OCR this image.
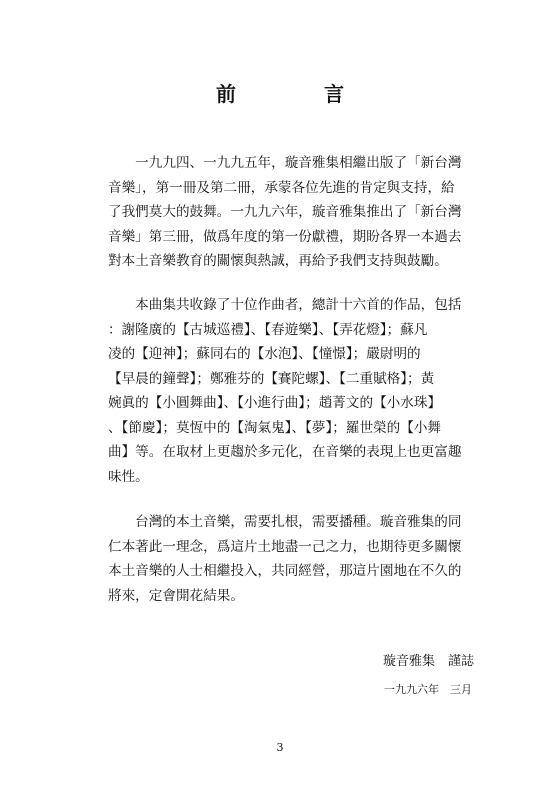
前　言

　　一九九四、一九九五年，璇音雅集相繼出版了「新台灣
音樂」，第一冊及第二冊，承蒙各位先進的肯定與支持，給
了我們莫大的鼓舞。一九九六年，璇音雅集推出了「新台灣
音樂」第三冊，做爲年度的第一份獻禮，期盼各界一本過去
對本土音樂教育的關懷與熱誠，再給予我們支持與鼓勵。

　　本曲集共收錄了十位作曲者，總計十六首的作品，包括
：謝隆廣的【古城巡禮】、【春遊樂】、【弄花燈】；蘇凡
凌的【迎神】；蘇同右的【水泡】、【憧憬】；嚴尉明的
【早晨的鐘聲】；鄭雅芬的【賽陀螺】、【二重賦格】；黃
婉眞的【小圓舞曲】、【小進行曲】；趙菁文的【小水珠】
、【節慶】；莫恆中的【淘氣鬼】、【夢】；羅世榮的【小舞
曲】等。在取材上更趨於多元化，在音樂的表現上也更富趣
味性。

　　台灣的本土音樂，需要扎根，需要播種。璇音雅集的同
仁本著此一理念，爲這片土地盡一己之力，也期待更多關懷
本土音樂的人士相繼投入，共同經營，那這片園地在不久的
將來，定會開花結果。

璇音雅集　謹誌
一九九六年　三月
3
